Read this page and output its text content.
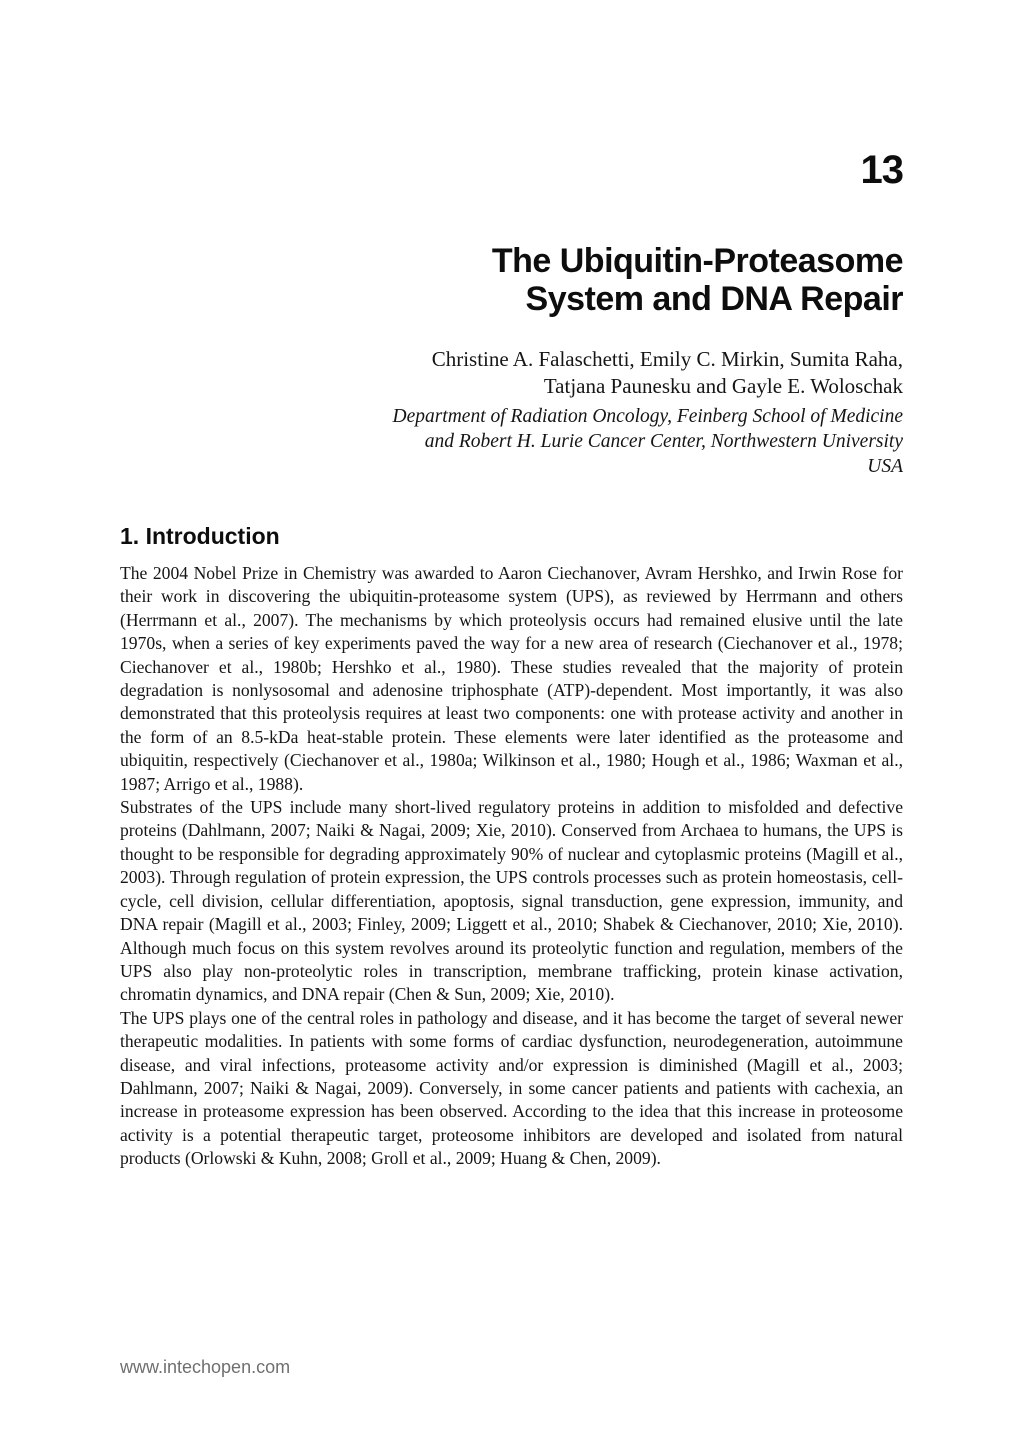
13
The Ubiquitin-Proteasome
System and DNA Repair
Christine A. Falaschetti, Emily C. Mirkin, Sumita Raha,
Tatjana Paunesku and Gayle E. Woloschak
Department of Radiation Oncology, Feinberg School of Medicine
and Robert H. Lurie Cancer Center, Northwestern University
USA
1. Introduction

The 2004 Nobel Prize in Chemistry was awarded to Aaron Ciechanover, Avram Hershko, and Irwin Rose for their work in discovering the ubiquitin-proteasome system (UPS), as reviewed by Herrmann and others (Herrmann et al., 2007). The mechanisms by which proteolysis occurs had remained elusive until the late 1970s, when a series of key experiments paved the way for a new area of research (Ciechanover et al., 1978; Ciechanover et al., 1980b; Hershko et al., 1980). These studies revealed that the majority of protein degradation is nonlysosomal and adenosine triphosphate (ATP)-dependent. Most importantly, it was also demonstrated that this proteolysis requires at least two components: one with protease activity and another in the form of an 8.5-kDa heat-stable protein. These elements were later identified as the proteasome and ubiquitin, respectively (Ciechanover et al., 1980a; Wilkinson et al., 1980; Hough et al., 1986; Waxman et al., 1987; Arrigo et al., 1988).

Substrates of the UPS include many short-lived regulatory proteins in addition to misfolded and defective proteins (Dahlmann, 2007; Naiki & Nagai, 2009; Xie, 2010). Conserved from Archaea to humans, the UPS is thought to be responsible for degrading approximately 90% of nuclear and cytoplasmic proteins (Magill et al., 2003). Through regulation of protein expression, the UPS controls processes such as protein homeostasis, cell-cycle, cell division, cellular differentiation, apoptosis, signal transduction, gene expression, immunity, and DNA repair (Magill et al., 2003; Finley, 2009; Liggett et al., 2010; Shabek & Ciechanover, 2010; Xie, 2010). Although much focus on this system revolves around its proteolytic function and regulation, members of the UPS also play non-proteolytic roles in transcription, membrane trafficking, protein kinase activation, chromatin dynamics, and DNA repair (Chen & Sun, 2009; Xie, 2010).

The UPS plays one of the central roles in pathology and disease, and it has become the target of several newer therapeutic modalities. In patients with some forms of cardiac dysfunction, neurodegeneration, autoimmune disease, and viral infections, proteasome activity and/or expression is diminished (Magill et al., 2003; Dahlmann, 2007; Naiki & Nagai, 2009). Conversely, in some cancer patients and patients with cachexia, an increase in proteasome expression has been observed. According to the idea that this increase in proteosome activity is a potential therapeutic target, proteosome inhibitors are developed and isolated from natural products (Orlowski & Kuhn, 2008; Groll et al., 2009; Huang & Chen, 2009).

www.intechopen.com
